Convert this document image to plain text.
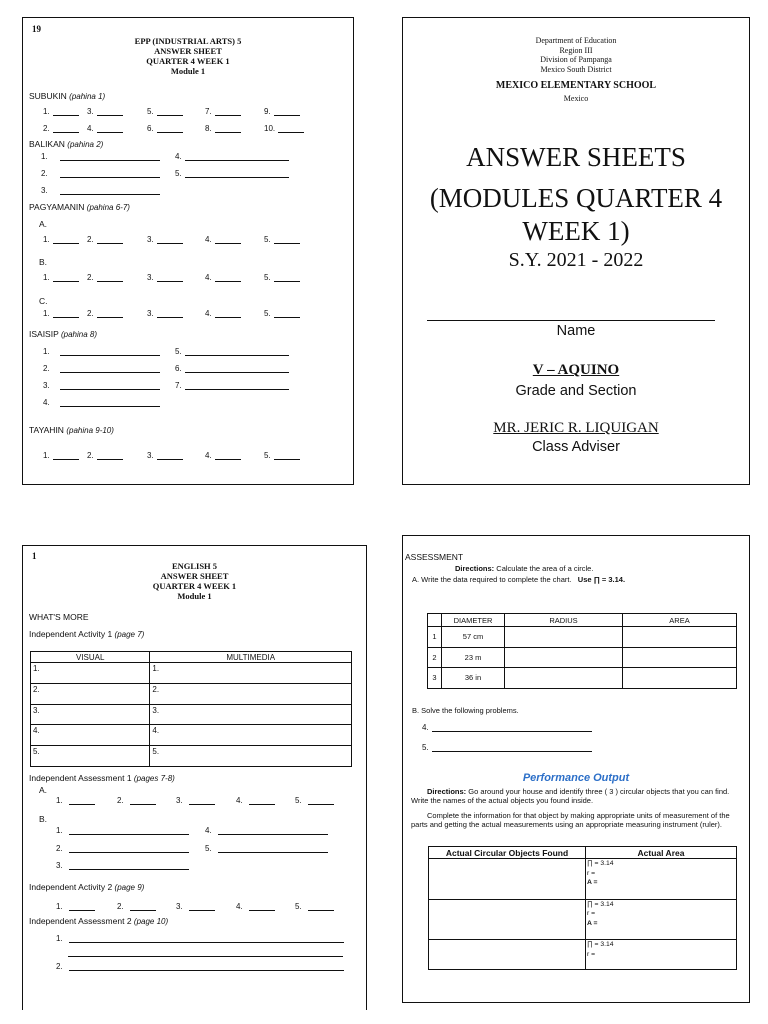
19
EPP (INDUSTRIAL ARTS) 5
ANSWER SHEET
QUARTER 4 WEEK 1
Module 1
SUBUKIN (pahina 1)
1.	3.	5.	7.	9.
2.	4.	6.	8.	10.
BALIKAN (pahina 2)
1.	4.
2.	5.
3.
PAGYAMANIN (pahina 6-7)
A.
1.	2.	3.	4.	5.
B.
1.	2.	3.	4.	5.
C.
1.	2.	3.	4.	5.
ISAISIP (pahina 8)
1.	5.
2.	6.
3.	7.
4.
TAYAHIN (pahina 9-10)
1.	2.	3.	4.	5.
Department of Education
Region III
Division of Pampanga
Mexico South District
MEXICO ELEMENTARY SCHOOL
Mexico
ANSWER SHEETS
(MODULES QUARTER 4
WEEK 1)
S.Y. 2021 - 2022
Name
V – AQUINO
Grade and Section
MR. JERIC R. LIQUIGAN
Class Adviser
1
ENGLISH 5
ANSWER SHEET
QUARTER 4 WEEK 1
Module 1
WHAT'S MORE
Independent Activity 1 (page 7)
VISUAL	MULTIMEDIA
1.	1.
2.	2.
3.	3.
4.	4.
5.	5.
Independent Assessment 1 (pages 7-8)
A.
1.	2.	3.	4.	5.
B.
1.	4.
2.	5.
3.
Independent Activity 2 (page 9)
1.	2.	3.	4.	5.
Independent Assessment 2 (page 10)
1.
2.
ASSESSMENT
Directions: Calculate the area of a circle.
A. Write the data required to complete the chart. Use ∏ = 3.14.
	DIAMETER	RADIUS	AREA
1	57 cm		
2	23 m		
3	36 in		
B. Solve the following problems.
4.
5.
Performance Output
Directions: Go around your house and identify three ( 3 ) circular objects that you can find. Write the names of the actual objects you found inside.
Complete the information for that object by making appropriate units of measurement of the parts and getting the actual measurements using an appropriate measuring instrument (ruler).
Actual Circular Objects Found	Actual Area

	∏ = 3.14
r =
A =

	∏ = 3.14
r =
A =

	∏ = 3.14
r =
